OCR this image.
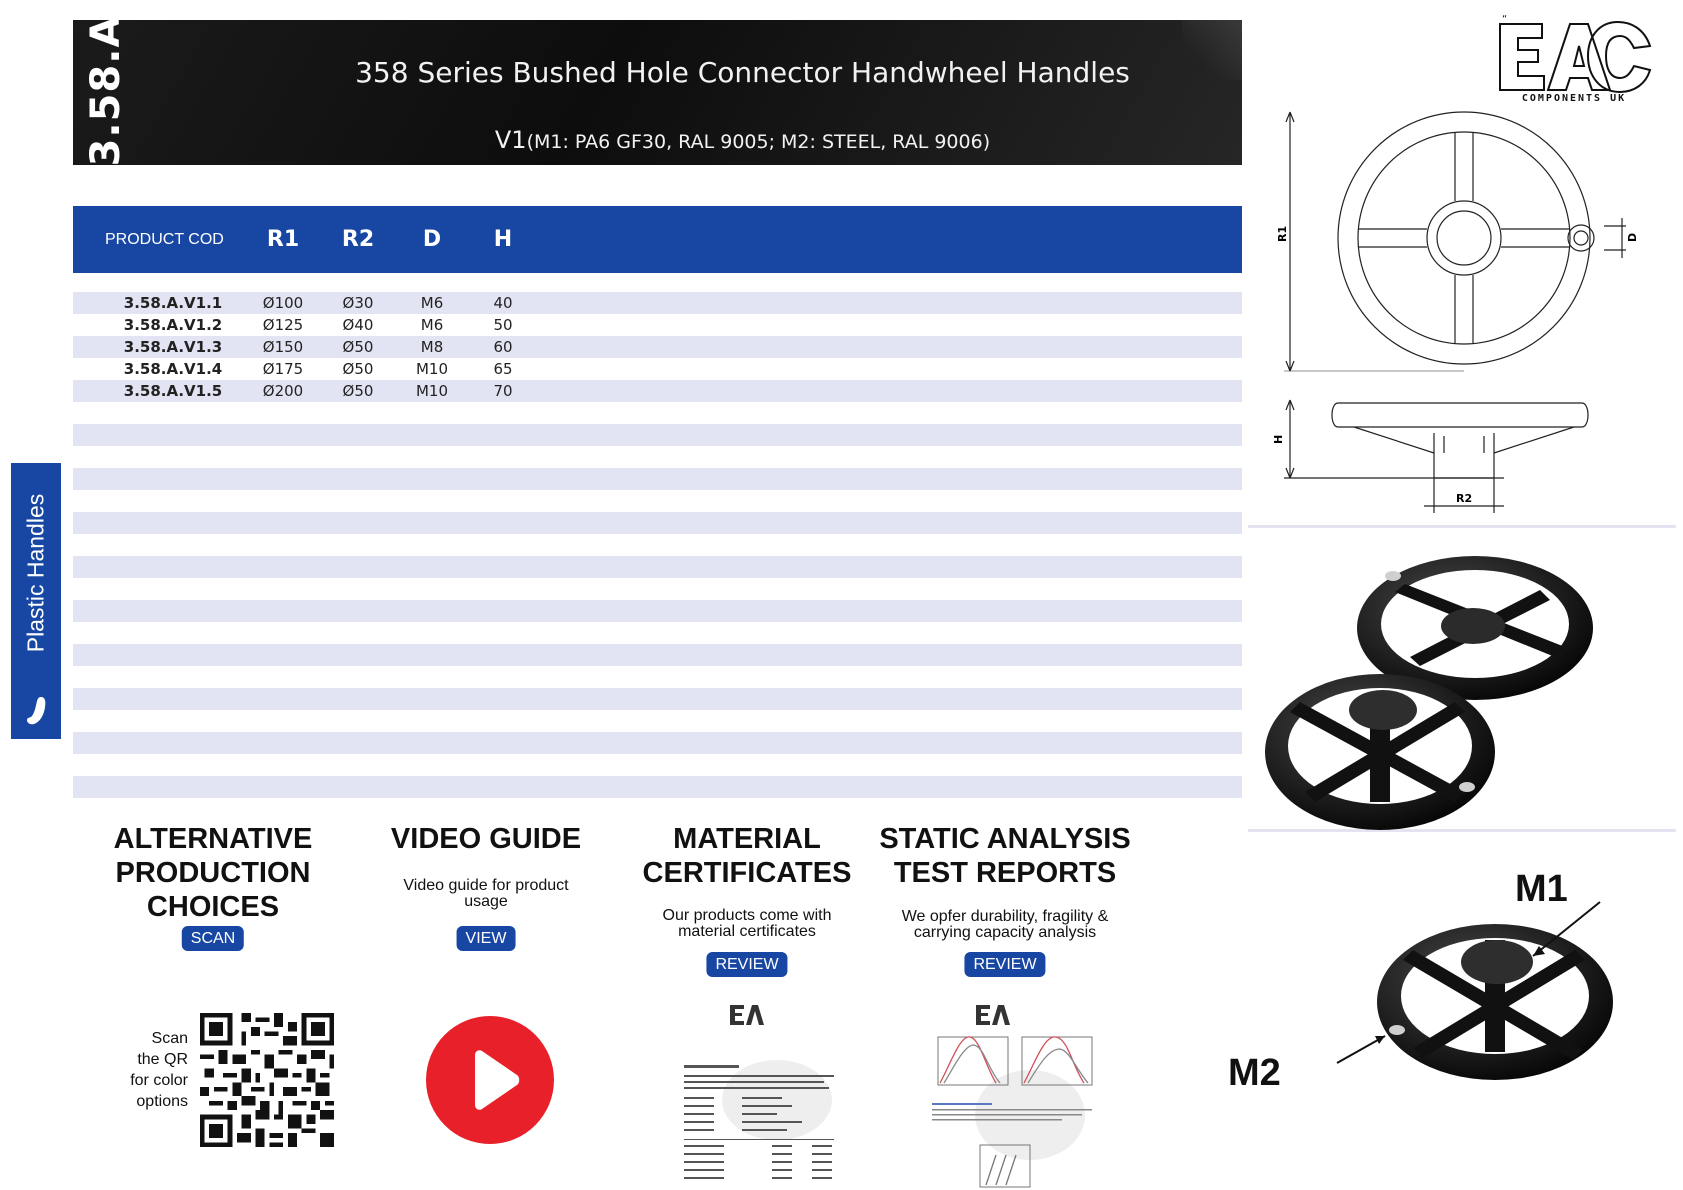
358 Series Bushed Hole Connector Handwheel Handles
V1(M1: PA6 GF30, RAL 9005; M2: STEEL, RAL 9006)
3.58.A	“
COMPONENTS UK
PRODUCT COD R1 R2 D H
3.58.A.V1.1	Ø100	Ø30	M6	40
3.58.A.V1.2	Ø125	Ø40	M6	50
3.58.A.V1.3	Ø150	Ø50	M8	60
3.58.A.V1.4	Ø175	Ø50	M10	65
3.58.A.V1.5	Ø200	Ø50	M10	70
Plastic Handles
R1	D
H
R2
M1
M2
ALTERNATIVE
PRODUCTION
CHOICES
SCAN
Scan
the QR
for color
options
VIDEO GUIDE
Video guide for product
usage
VIEW
MATERIAL
CERTIFICATES
Our products come with
material certificates
REVIEW
STATIC ANALYSIS
TEST REPORTS
We opfer durability, fragility &
carrying capacity analysis
REVIEW
